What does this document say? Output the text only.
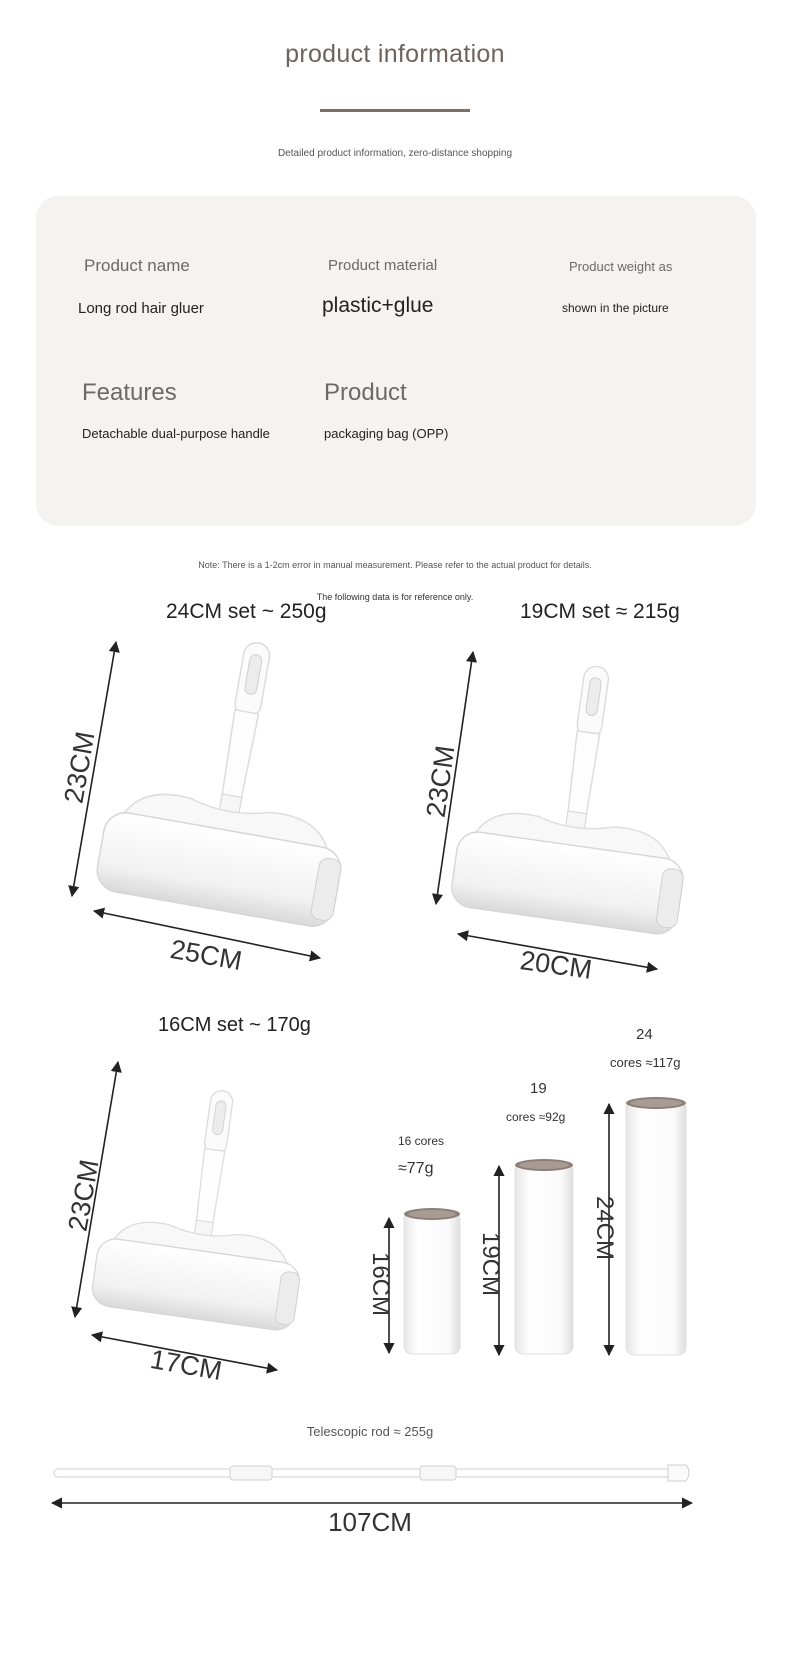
product information
Detailed product information, zero-distance shopping
Product name
Long rod hair gluer
Product material
plastic+glue
Product weight as
shown in the picture
Features
Detachable dual-purpose handle
Product
packaging bag (OPP)
Note: There is a 1-2cm error in manual measurement. Please refer to the actual product for details.
The following data is for reference only.
24CM set ~ 250g	19CM set ≈ 215g
16CM set ~ 170g
23CM
25CM
23CM
20CM
23CM
17CM
16 cores
≈77g
16CM
19
cores ≈92g
19CM
24
cores ≈117g
24CM
Telescopic rod ≈ 255g
107CM
